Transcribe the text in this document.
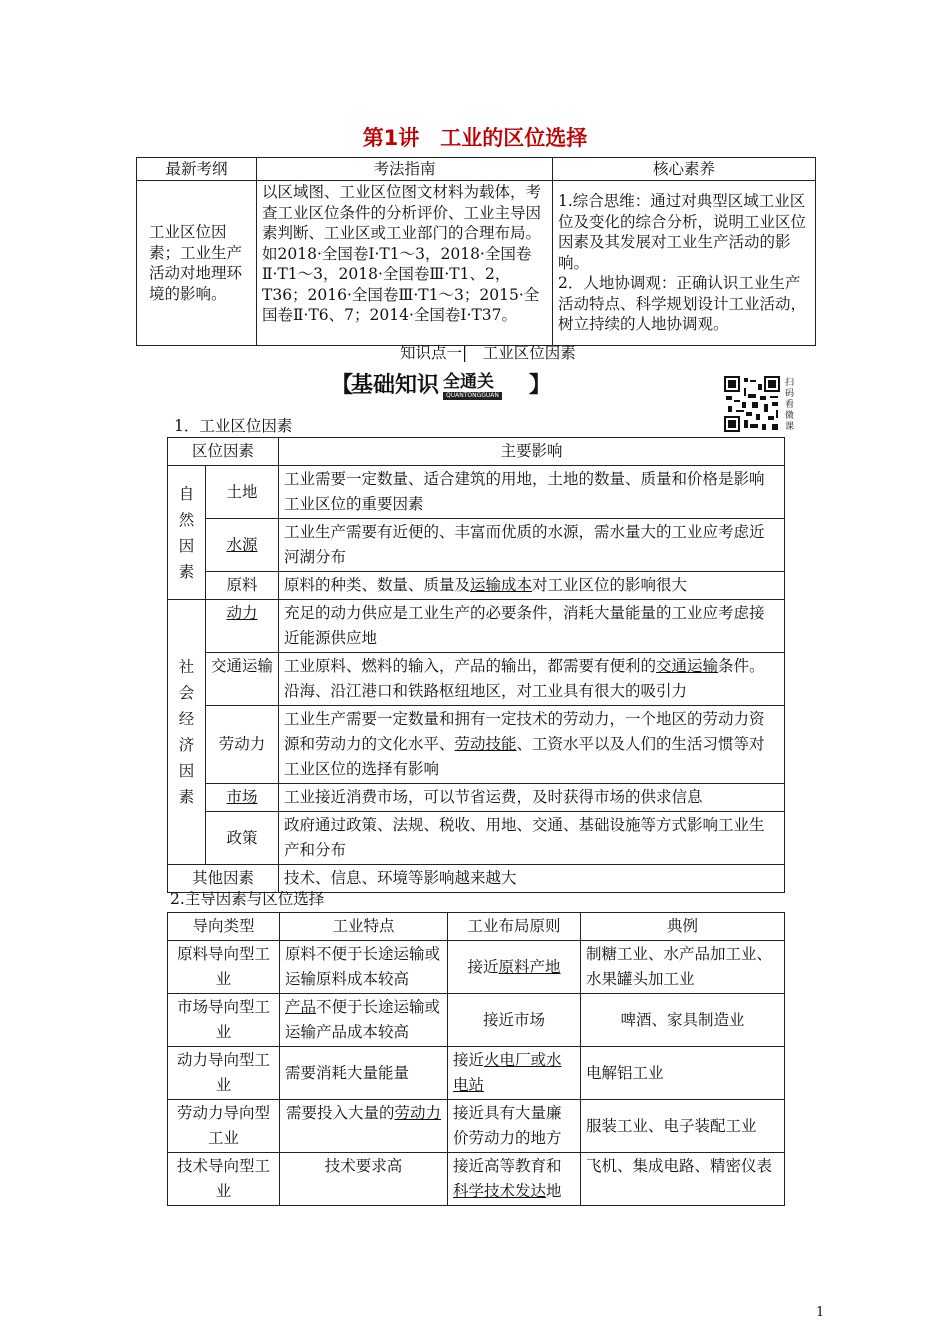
第1讲　工业的区位选择
最新考纲	考法指南	核心素养
工业区位因素；工业生产活动对地理环境的影响。	以区域图、工业区位图文材料为载体，考查工业区位条件的分析评价、工业主导因素判断、工业区或工业部门的合理布局。如2018·全国卷Ⅰ·T1～3，2018·全国卷Ⅱ·T1～3，2018·全国卷Ⅲ·T1、2，T36；2016·全国卷Ⅲ·T1～3；2015·全国卷Ⅱ·T6、7；2014·全国卷Ⅰ·T37。	1.综合思维：通过对典型区域工业区位及变化的综合分析，说明工业区位因素及其发展对工业生产活动的影响。
2．人地协调观：正确认识工业生产活动特点、科学规划设计工业活动，树立持续的人地协调观。
知识点一|　工业区位因素
【
基础知识 全通关
QUANTONGGUAN 】	扫码看微课
1．工业区位因素
区位因素		主要影响
自然因素	土地	工业需要一定数量、适合建筑的用地，土地的数量、质量和价格是影响工业区位的重要因素
	水源	工业生产需要有近便的、丰富而优质的水源，需水量大的工业应考虑近河湖分布
	原料	原料的种类、数量、质量及运输成本对工业区位的影响很大
社会经济因素	动力	充足的动力供应是工业生产的必要条件，消耗大量能量的工业应考虑接近能源供应地
	交通运输	工业原料、燃料的输入，产品的输出，都需要有便利的交通运输条件。沿海、沿江港口和铁路枢纽地区，对工业具有很大的吸引力
	劳动力	工业生产需要一定数量和拥有一定技术的劳动力，一个地区的劳动力资源和劳动力的文化水平、劳动技能、工资水平以及人们的生活习惯等对工业区位的选择有影响
	市场	工业接近消费市场，可以节省运费，及时获得市场的供求信息
	政策	政府通过政策、法规、税收、用地、交通、基础设施等方式影响工业生产和分布
其他因素		技术、信息、环境等影响越来越大
2.主导因素与区位选择
导向类型	工业特点	工业布局原则	典例
原料导向型工业	原料不便于长途运输或运输原料成本较高	接近原料产地	制糖工业、水产品加工业、水果罐头加工业
市场导向型工业	产品不便于长途运输或运输产品成本较高	接近市场	啤酒、家具制造业
动力导向型工业	需要消耗大量能量	接近火电厂或水电站	电解铝工业
劳动力导向型工业	需要投入大量的劳动力	接近具有大量廉价劳动力的地方	服装工业、电子装配工业
技术导向型工业	技术要求高	接近高等教育和科学技术发达地	飞机、集成电路、精密仪表
1
